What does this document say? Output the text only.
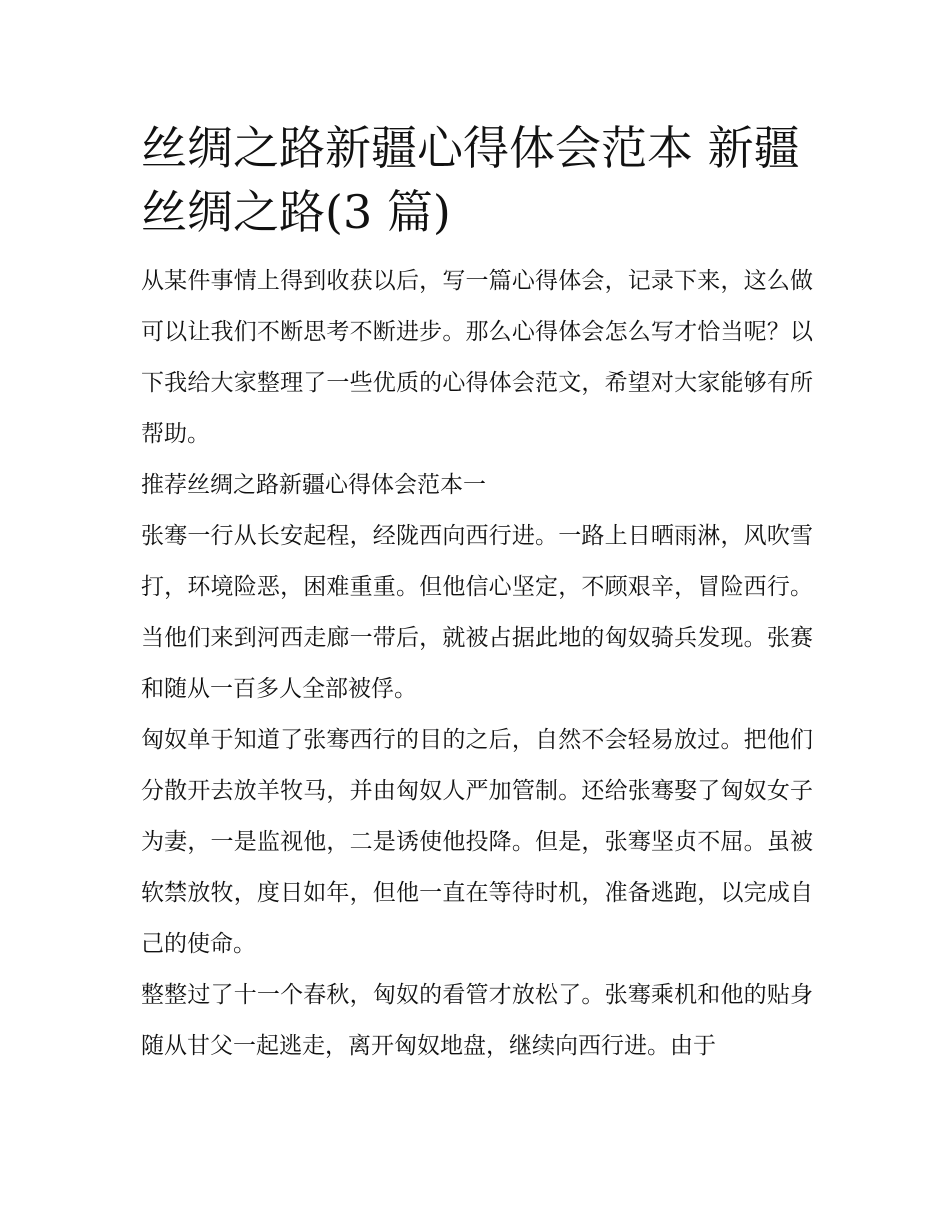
丝绸之路新疆心得体会范本 新疆 丝绸之路(3 篇)

从某件事情上得到收获以后，写一篇心得体会，记录下来，这么做可以让我们不断思考不断进步。那么心得体会怎么写才恰当呢？以下我给大家整理了一些优质的心得体会范文，希望对大家能够有所帮助。

推荐丝绸之路新疆心得体会范本一

张骞一行从长安起程，经陇西向西行进。一路上日晒雨淋，风吹雪打，环境险恶，困难重重。但他信心坚定，不顾艰辛，冒险西行。当他们来到河西走廊一带后，就被占据此地的匈奴骑兵发现。张赛和随从一百多人全部被俘。

匈奴单于知道了张骞西行的目的之后，自然不会轻易放过。把他们分散开去放羊牧马，并由匈奴人严加管制。还给张骞娶了匈奴女子为妻，一是监视他，二是诱使他投降。但是，张骞坚贞不屈。虽被软禁放牧，度日如年，但他一直在等待时机，准备逃跑，以完成自己的使命。

整整过了十一个春秋，匈奴的看管才放松了。张骞乘机和他的贴身随从甘父一起逃走，离开匈奴地盘，继续向西行进。由于
